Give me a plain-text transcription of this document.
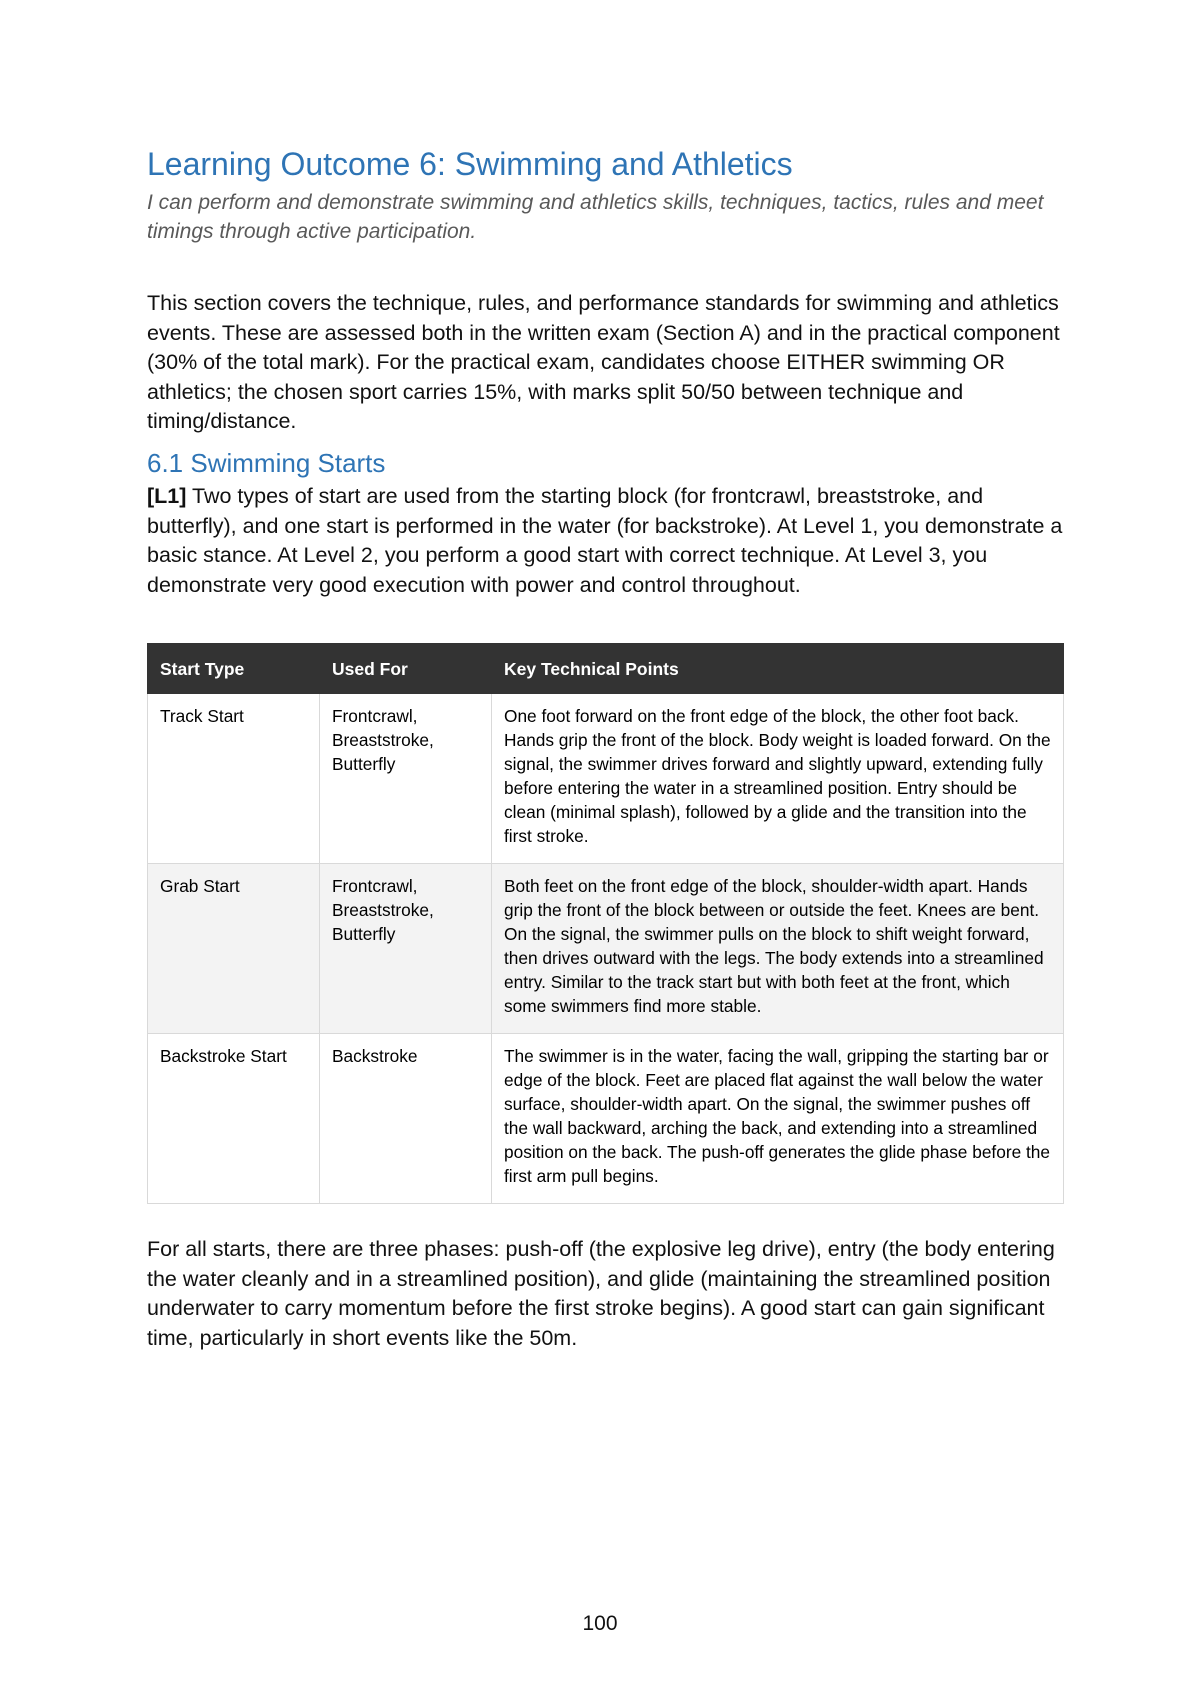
Learning Outcome 6: Swimming and Athletics

I can perform and demonstrate swimming and athletics skills, techniques, tactics, rules and meet timings through active participation.

This section covers the technique, rules, and performance standards for swimming and athletics events. These are assessed both in the written exam (Section A) and in the practical component (30% of the total mark). For the practical exam, candidates choose EITHER swimming OR athletics; the chosen sport carries 15%, with marks split 50/50 between technique and timing/distance.

6.1 Swimming Starts

[L1] Two types of start are used from the starting block (for frontcrawl, breaststroke, and butterfly), and one start is performed in the water (for backstroke). At Level 1, you demonstrate a basic stance. At Level 2, you perform a good start with correct technique. At Level 3, you demonstrate very good execution with power and control throughout.

Start Type	Used For	Key Technical Points
Track Start	Frontcrawl, Breaststroke, Butterfly	One foot forward on the front edge of the block, the other foot back. Hands grip the front of the block. Body weight is loaded forward. On the signal, the swimmer drives forward and slightly upward, extending fully before entering the water in a streamlined position. Entry should be clean (minimal splash), followed by a glide and the transition into the first stroke.
Grab Start	Frontcrawl, Breaststroke, Butterfly	Both feet on the front edge of the block, shoulder-width apart. Hands grip the front of the block between or outside the feet. Knees are bent. On the signal, the swimmer pulls on the block to shift weight forward, then drives outward with the legs. The body extends into a streamlined entry. Similar to the track start but with both feet at the front, which some swimmers find more stable.
Backstroke Start	Backstroke	The swimmer is in the water, facing the wall, gripping the starting bar or edge of the block. Feet are placed flat against the wall below the water surface, shoulder-width apart. On the signal, the swimmer pushes off the wall backward, arching the back, and extending into a streamlined position on the back. The push-off generates the glide phase before the first arm pull begins.

For all starts, there are three phases: push-off (the explosive leg drive), entry (the body entering the water cleanly and in a streamlined position), and glide (maintaining the streamlined position underwater to carry momentum before the first stroke begins). A good start can gain significant time, particularly in short events like the 50m.

100
